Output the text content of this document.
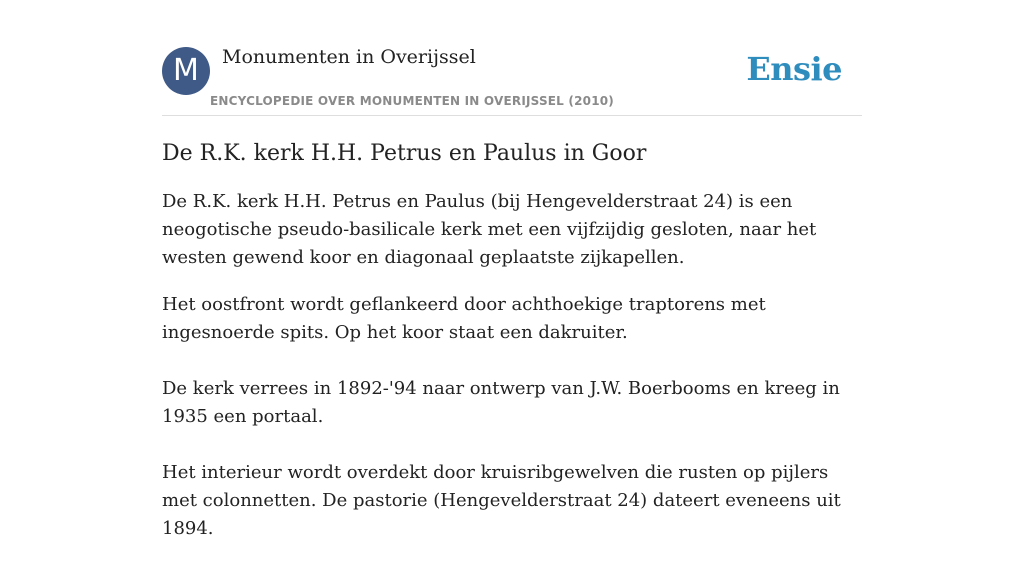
M	Monumenten in Overijssel
ENCYCLOPEDIE OVER MONUMENTEN IN OVERIJSSEL (2010)
Ensie
De R.K. kerk H.H. Petrus en Paulus in Goor

De R.K. kerk H.H. Petrus en Paulus (bij Hengevelderstraat 24) is een neogotische pseudo-basilicale kerk met een vijfzijdig gesloten, naar het westen gewend koor en diagonaal geplaatste zijkapellen.

Het oostfront wordt geflankeerd door achthoekige traptorens met ingesnoerde spits. Op het koor staat een dakruiter.

De kerk verrees in 1892-'94 naar ontwerp van J.W. Boerbooms en kreeg in 1935 een portaal.

Het interieur wordt overdekt door kruisribgewelven die rusten op pijlers met colonnetten. De pastorie (Hengevelderstraat 24) dateert eveneens uit 1894.
